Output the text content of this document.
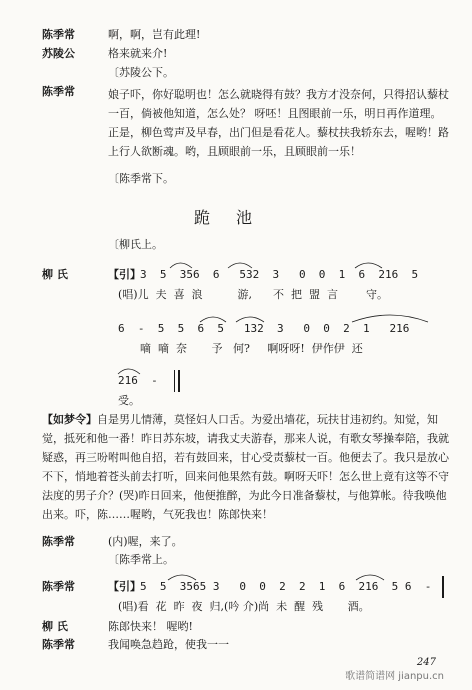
陈季常	啊，啊，岂有此理!
苏陵公	格来就来介!
〔苏陵公下。
陈季常	娘子吓，你好聪明也！怎么就晓得有鼓？我方才没奈何，只得招认藜杖一百，倘被他知道，怎么处？ 呀呸！且图眼前一乐，明日再作道理。正是，柳色莺声及早春，出门但是看花人。藜杖扶我轿东去，喔哟！路上行人欲断魂。哟，且顾眼前一乐，且顾眼前一乐！
〔陈季常下。
跪池
〔柳氏上。
柳 氏	【引】 3  5  356  6   532  3   0  0  1  6  216  5
(唱)儿  夫  喜  浪          游,      不  把  盟  言        守。
6  -  5  5  6  5   132  3   0  0  2  1   216
嘀  嘀  奈       予   何?     啊呀呀!  伊作伊  还
216  -
受。
【如梦令】自是男儿情薄，莫怪妇人口舌。为爱出墙花，玩扶甘违初约。知觉，知觉，抵死和他一番！昨日苏东坡，请我丈夫游春，那来人说，有歌女琴操奉陪，我就疑惑，再三吩咐叫他自招，若有鼓回来，甘心受责藜杖一百。他便去了。我只是放心不下，悄地着苍头前去打听，回来问他果然有鼓。啊呀天吓！怎么世上竟有这等不守法度的男子介？(哭)昨日回来，他便推醉，为此今日准备藜杖，与他算帐。待我唤他出来。吓，陈……喔哟，气死我也！陈郎快来！
陈季常	(内)喔，来了。
〔陈季常上。
陈季常	【引】 5  5  3565 3   0  0  2  2  1  6  216  5 6  -
(唱)看  花  昨  夜  归,(吟 介)尚  未  醒  残       酒。
柳 氏	陈郎快来！ 喔哟!
陈季常	我闻唤急趋跄，使我一一
247
歌谱简谱网 jianpu.cn
